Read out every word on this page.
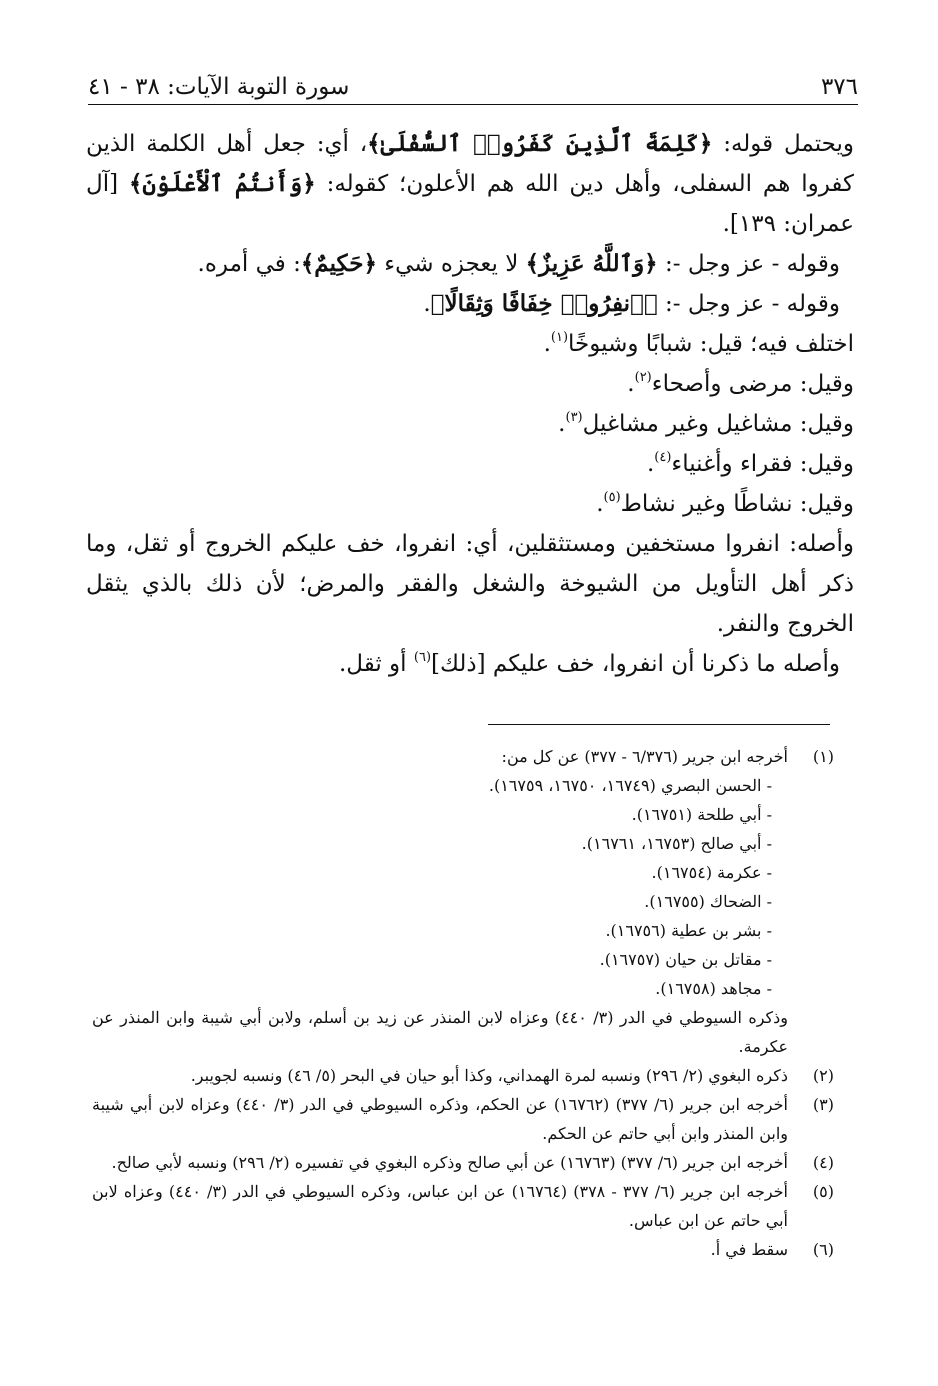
٣٧٦
سورة التوبة الآيات: ٣٨ - ٤١

ويحتمل قوله: ﴿كَلِمَةَ ٱلَّذِينَ كَفَرُوا۟ ٱلسُّفْلَىٰ﴾، أي: جعل أهل الكلمة الذين كفروا هم السفلى، وأهل دين الله هم الأعلون؛ كقوله: ﴿وَأَنتُمُ ٱلْأَعْلَوْنَ﴾ [آل عمران: ١٣٩].

وقوله - عز وجل -: ﴿وَٱللَّهُ عَزِيزٌ﴾ لا يعجزه شيء ﴿حَكِيمٌ﴾: في أمره.

وقوله - عز وجل -: ﴿ٱنفِرُوا۟ خِفَافًا وَثِقَالًا﴾.

اختلف فيه؛ قيل: شبابًا وشيوخًا$^{(١)}$.

وقيل: مرضى وأصحاء$^{(٢)}$.

وقيل: مشاغيل وغير مشاغيل$^{(٣)}$.

وقيل: فقراء وأغنياء$^{(٤)}$.

وقيل: نشاطًا وغير نشاط$^{(٥)}$.

وأصله: انفروا مستخفين ومستثقلين، أي: انفروا، خف عليكم الخروج أو ثقل، وما ذكر أهل التأويل من الشيوخة والشغل والفقر والمرض؛ لأن ذلك بالذي يثقل الخروج والنفر.

وأصله ما ذكرنا أن انفروا، خف عليكم [ذلك]$^{(٦)}$ أو ثقل.

(١)
أخرجه ابن جرير (٦/٣٧٦ - ٣٧٧) عن كل من:
- الحسن البصري (١٦٧٤٩، ١٦٧٥٠، ١٦٧٥٩).
- أبي طلحة (١٦٧٥١).
- أبي صالح (١٦٧٥٣، ١٦٧٦١).
- عكرمة (١٦٧٥٤).
- الضحاك (١٦٧٥٥).
- بشر بن عطية (١٦٧٥٦).
- مقاتل بن حيان (١٦٧٥٧).
- مجاهد (١٦٧٥٨).
وذكره السيوطي في الدر (٣/ ٤٤٠) وعزاه لابن المنذر عن زيد بن أسلم، ولابن أبي شيبة وابن المنذر عن عكرمة.
(٢)
ذكره البغوي (٢/ ٢٩٦) ونسبه لمرة الهمداني، وكذا أبو حيان في البحر (٥/ ٤٦) ونسبه لجويبر.
(٣)
أخرجه ابن جرير (٦/ ٣٧٧) (١٦٧٦٢) عن الحكم، وذكره السيوطي في الدر (٣/ ٤٤٠) وعزاه لابن أبي شيبة وابن المنذر وابن أبي حاتم عن الحكم.
(٤)
أخرجه ابن جرير (٦/ ٣٧٧) (١٦٧٦٣) عن أبي صالح وذكره البغوي في تفسيره (٢/ ٢٩٦) ونسبه لأبي صالح.
(٥)
أخرجه ابن جرير (٦/ ٣٧٧ - ٣٧٨) (١٦٧٦٤) عن ابن عباس، وذكره السيوطي في الدر (٣/ ٤٤٠) وعزاه لابن أبي حاتم عن ابن عباس.
(٦)
سقط في أ.
